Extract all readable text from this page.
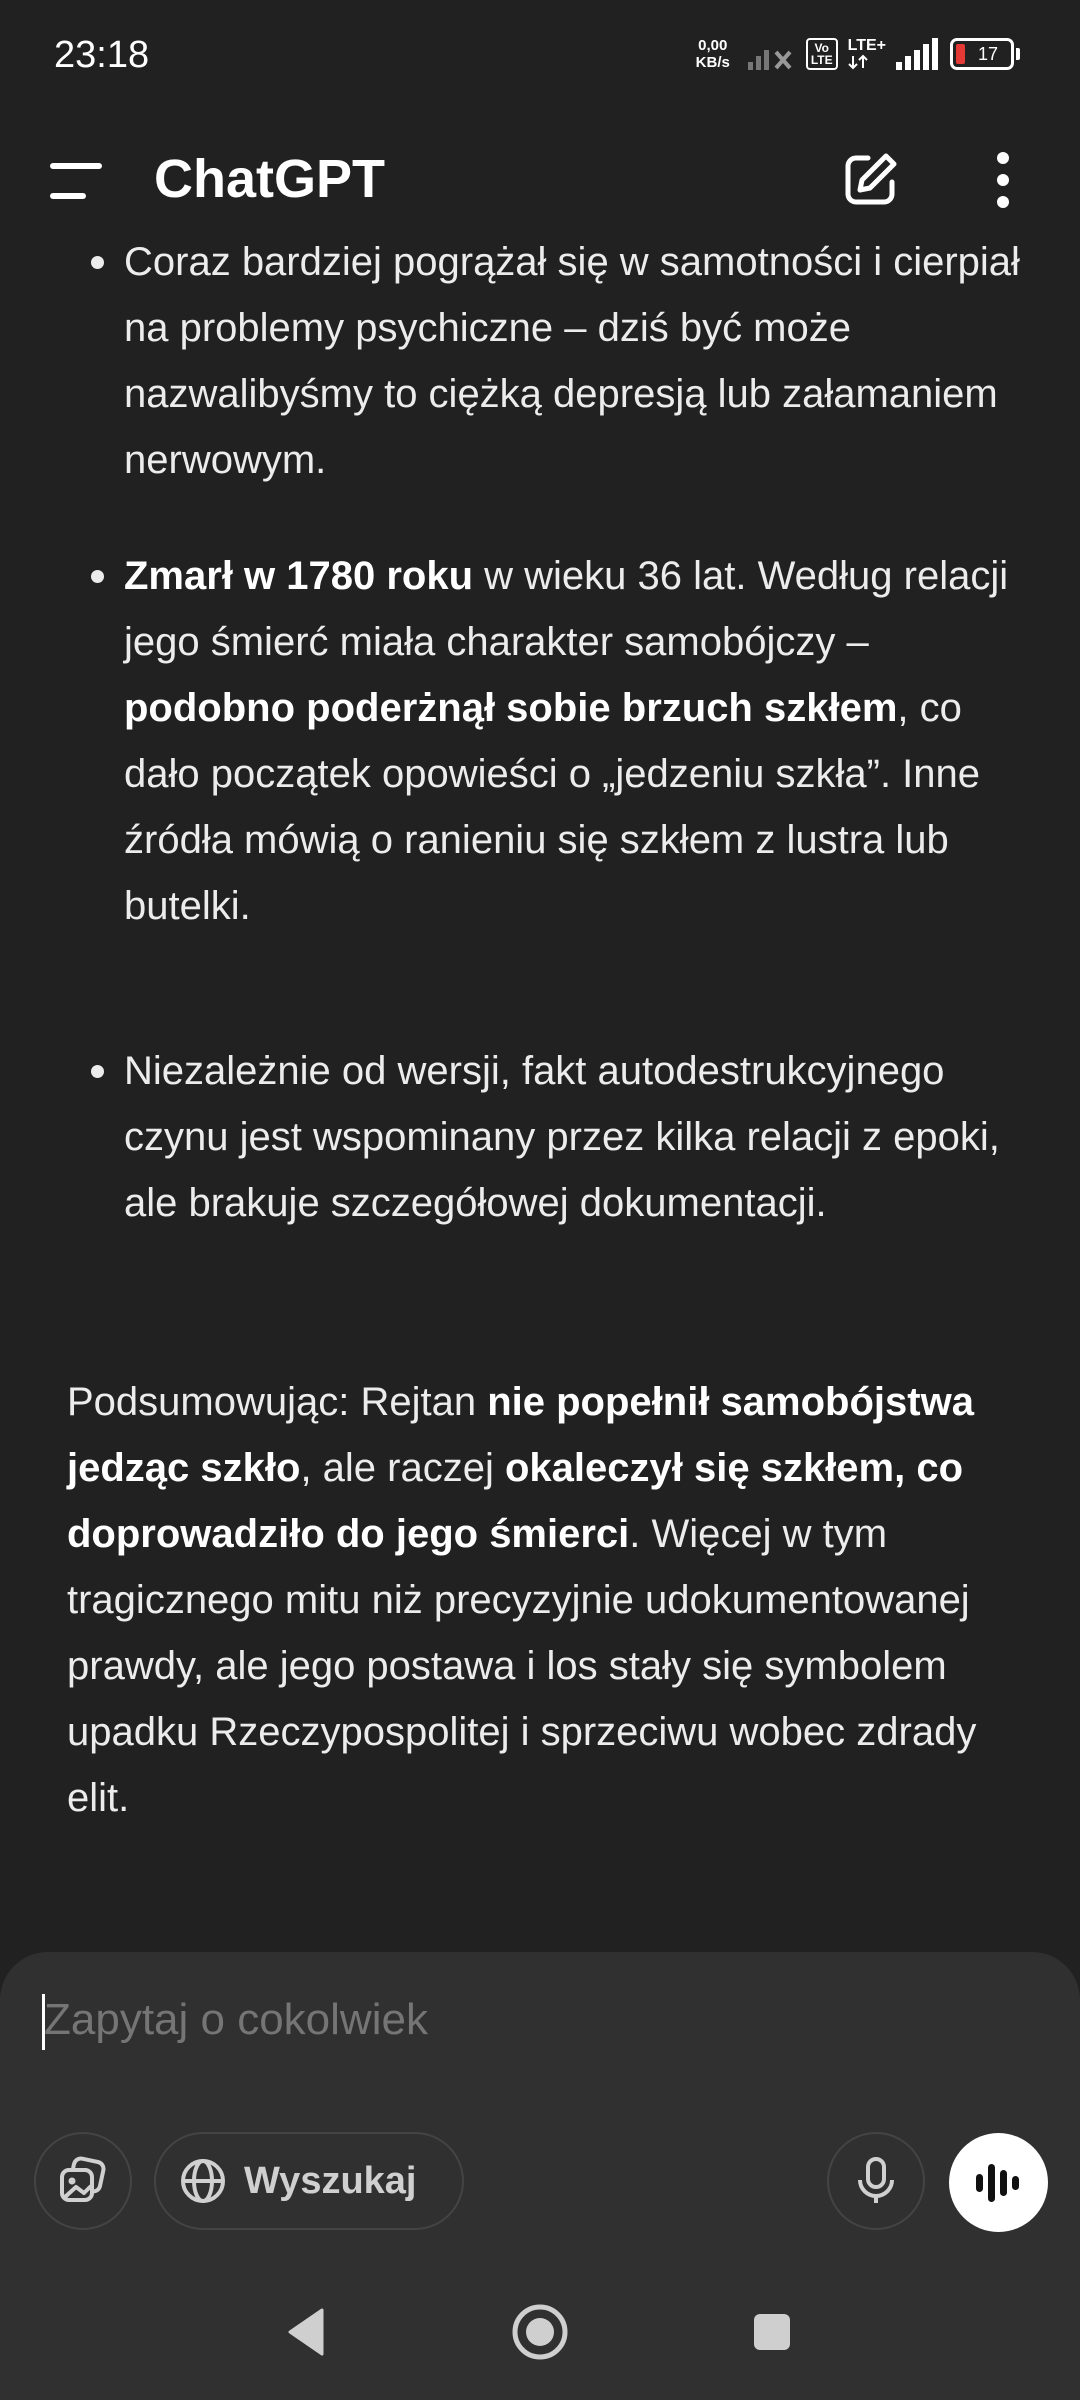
23:18	0,00
KB/s
Vo
LTE
LTE+	17
ChatGPT
Coraz bardziej pogrążał się w samotności i cierpiał na problemy psychiczne – dziś być może nazwalibyśmy to ciężką depresją lub załamaniem nerwowym.
Zmarł w 1780 roku w wieku 36 lat. Według relacji jego śmierć miała charakter samobójczy – podobno poderżnął sobie brzuch szkłem, co dało początek opowieści o „jedzeniu szkła”. Inne źródła mówią o ranieniu się szkłem z lustra lub butelki.
Niezależnie od wersji, fakt autodestrukcyjnego czynu jest wspominany przez kilka relacji z epoki, ale brakuje szczegółowej dokumentacji.
Podsumowując: Rejtan nie popełnił samobójstwa jedząc szkło, ale raczej okaleczył się szkłem, co doprowadziło do jego śmierci. Więcej w tym tragicznego mitu niż precyzyjnie udokumentowanej prawdy, ale jego postawa i los stały się symbolem upadku Rzeczypospolitej i sprzeciwu wobec zdrady elit.
Zapytaj o cokolwiek
Wyszukaj
